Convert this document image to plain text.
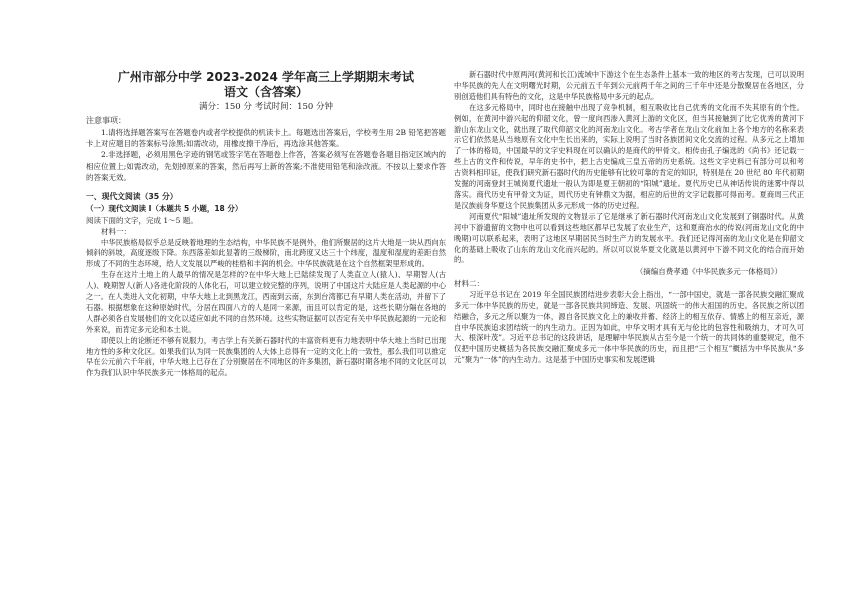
广州市部分中学 2023-2024 学年高三上学期期末考试
语文（含答案）
满分：150 分 考试时间：150 分钟
注意事项：

1.请将选择题答案写在答题卷内或者学校提供的机读卡上。每题选出答案后，学校考生用 2B 铅笔把答题卡上对应题目的答案标号涂黑;如需改动，用橡皮擦干净后，再选涂其他答案。

2.非选择题，必须用黑色字迹的钢笔或签字笔在答题卷上作答，答案必须写在答题卷各题目指定区域内的相应位置上;如需改动，先划掉原来的答案，然后再写上新的答案;不准使用铅笔和涂改液。不按以上要求作答的答案无效。

一、现代文阅读（35 分）
（一）现代文阅读 I（本题共 5 小题，18 分）
阅读下面的文字，完成 1～5 题。
材料一：

中华民族格局似乎总是反映着地理的生态结构，中华民族不是例外，他们所聚居的这片大地是一块从西向东倾斜的斜坡，高度逐级下降。东西落差如此显著的三级梯阶，南北跨度又达三十个纬度，温度和湿度的差距自然形成了不同的生态环境，给人文发展以严峻的桂梏和丰润的机会。中华民族就是在这个自然框架里形成的。

生存在这片土地上的人最早的情况是怎样的?在中华大地上已陆续发现了人类直立人(猿人)、早期智人(古人)、晚期智人(新人)各进化阶段的人体化石，可以建立较完整的序列，说明了中国这片大陆应是人类起源的中心之一。在人类进入文化初期，中华大地上北到黑龙江，西南到云南，东到台湾都已有早期人类在活动，并留下了石器。根据想象在这种原始时代，分居在四面八方的人是同一来源，而且可以肯定的是，这些长期分隔在各地的人群必须各自发展他们的文化以适应如此不同的自然环境。这些实物证据可以否定有关中华民族起源的一元论和外来说，而肯定多元论和本土说。

即使以上的论断还不够有说服力，考古学上有关新石器时代的丰富资料更有力地表明中华大地上当时已出现地方性的多种文化区。如果我们认为同一民族集团的人大体上总得有一定的文化上的一致性，那么我们可以推定早在公元前六千年前，中华大地上已存在了分别聚居在不同地区的许多集团，新石器时期各地不同的文化区可以作为我们认识中华民族多元一体格局的起点。

新石器时代中原两河(黄河和长江)流域中下游这个在生态条件上基本一致的地区的考古发现，已可以说明中华民族的先人在文明曙光时期，公元前五千年到公元前两千年之间的三千年中还是分散聚居在各地区，分别创造他们具有特色的文化，这是中华民族格局中多元的起点。

在这多元格局中，同时也在接触中出现了竞争机制，相互吸收比自己优秀的文化而不失其原有的个性。例如，在黄河中游兴起的仰韶文化，曾一度向西渗入黄河上游的文化区，但当其接触到了比它优秀的黄河下游山东龙山文化，就出现了取代仰韶文化的河南龙山文化。考古学者在龙山文化前加上各个地方的名称来表示它们依然是从当地原有文化中生长出来的，实际上说明了当时各族团间文化交流的过程。从多元之上增加了一体的格局，中国最早的文字史料现在可以确认的是商代的甲骨文。相传由孔子编选的《尚书》还记载一些上古的文件和传说，早年的史书中，把上古史编成三皇五帝的历史系统。这些文字史料已有部分可以和考古资料相印证，使我们研究新石器时代的历史能够有比较可靠的肯定的知识，特别是在 20 世纪 80 年代初期发掘的河南登封王城岗夏代遗址一般认为即是夏王朝初的“阳城”遗址。夏代历史已从神话传说的迷雾中得以落实。商代历史有甲骨文为证，周代历史有钟鼎文为据，相应的后世的文字记载都可得而考。夏商周三代正是汉族前身华夏这个民族集团从多元形成一体的历史过程。

河南夏代“阳城”遗址所发现的文物显示了它是继承了新石器时代河南龙山文化发展到了铜器时代。从黄河中下游遗留的文物中也可以看到这些地区都早已发展了农业生产，这和夏商治水的传说(河南龙山文化的中晚期)可以联系起来，表明了这地区早期居民当时生产力的发展水平。我们还记得河南的龙山文化是在仰韶文化的基础上吸收了山东的龙山文化而兴起的。所以可以说华夏文化就是以黄河中下游不同文化的结合而开始的。

（摘编自费孝通《中华民族多元一体格局》）
材料二：

习近平总书记在 2019 年全国民族团结进步表彰大会上指出，“一部中国史，就是一部各民族交融汇聚成多元一体中华民族的历史，就是一部各民族共同缔造、发展、巩固统一的伟大祖国的历史。各民族之所以团结融合，多元之所以聚为一体，源自各民族文化上的兼收并蓄、经济上的相互依存、情感上的相互亲近，源自中华民族追求团结统一的内生动力。正因为如此，中华文明才具有无与伦比的包容性和吸纳力，才可久可大、根深叶茂”。习近平总书记的这段讲话，是理解中华民族从古至今是一个统一的共同体的重要规定，他不仅把中国历史概括为各民族交融汇聚成多元一体中华民族的历史，而且把“三个相互”概括为中华民族从“多元”聚为“一体”的内生动力。这是基于中国历史事实和发展逻辑
